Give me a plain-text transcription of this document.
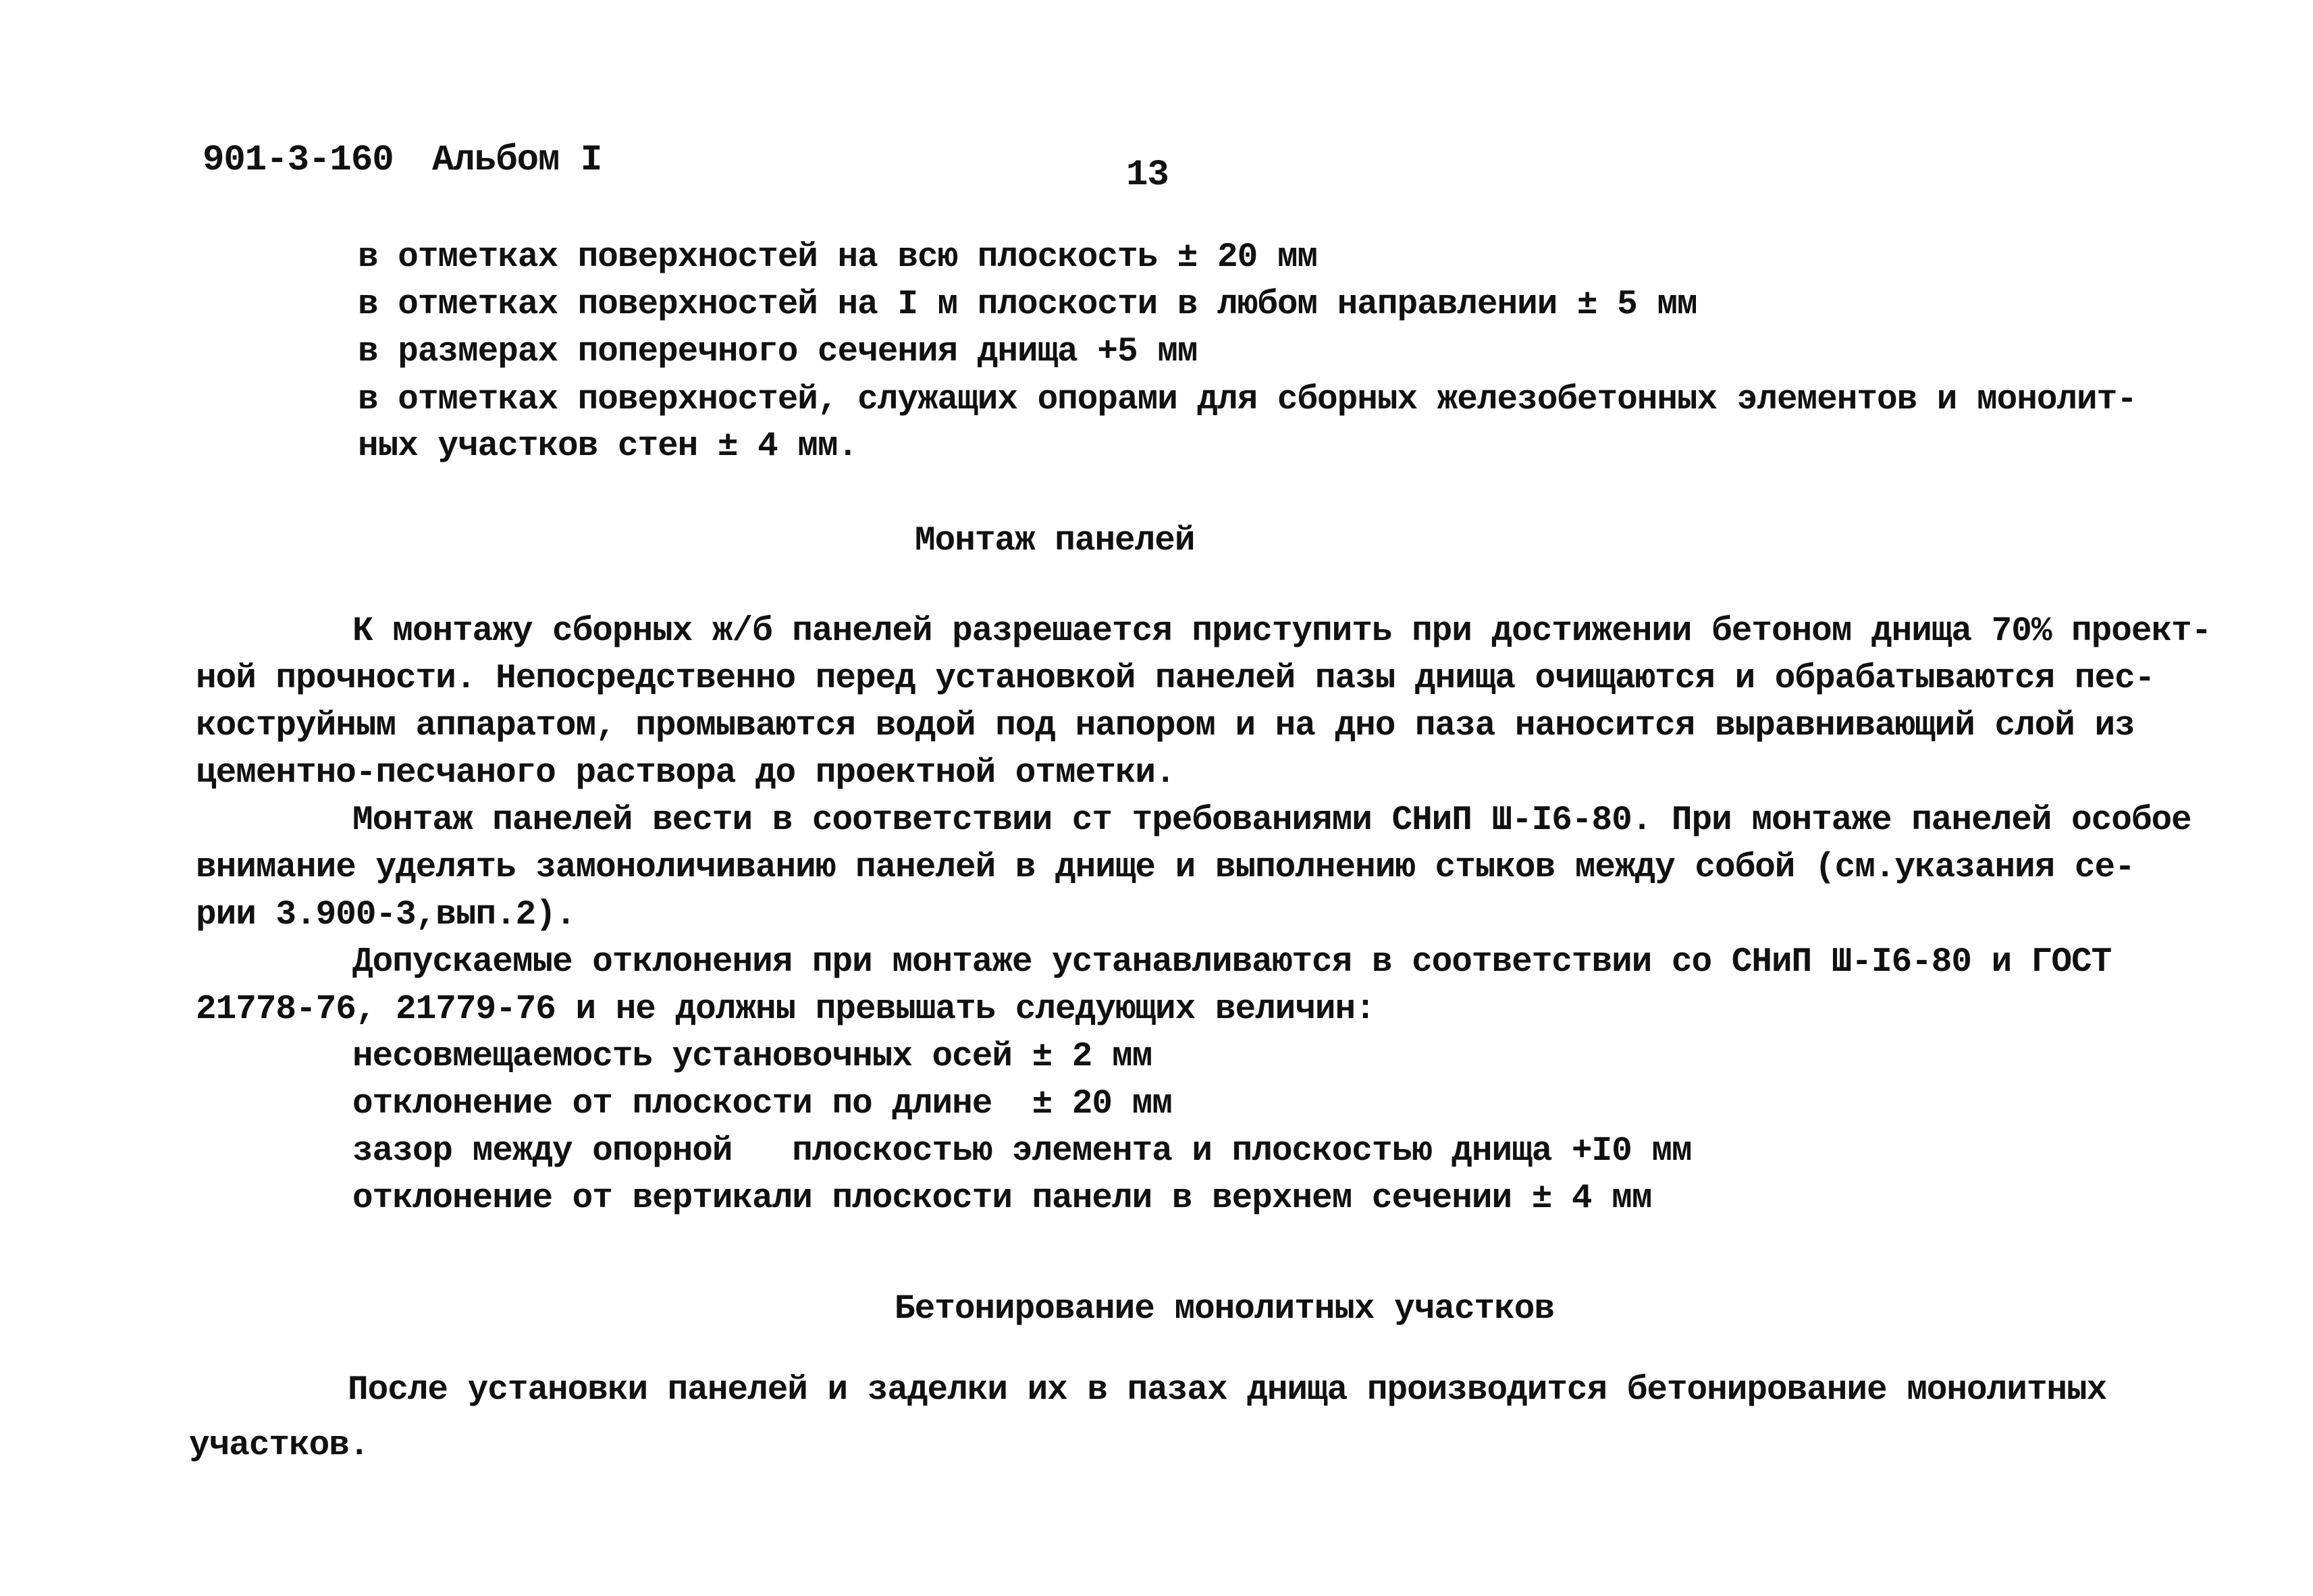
901-3-160 Альбом I	13
в отметках поверхностей на всю плоскость ± 20 мм
в отметках поверхностей на I м плоскости в любом направлении ± 5 мм
в размерах поперечного сечения днища +5 мм
в отметках поверхностей, служащих опорами для сборных железобетонных элементов и монолит-
ных участков стен ± 4 мм.
Монтаж панелей
К монтажу сборных ж/б панелей разрешается приступить при достижении бетоном днища 70% проект-
ной прочности. Непосредственно перед установкой панелей пазы днища очищаются и обрабатываются пес-
коструйным аппаратом, промываются водой под напором и на дно паза наносится выравнивающий слой из
цементно-песчаного раствора до проектной отметки.
Монтаж панелей вести в соответствии ст требованиями СНиП Ш-I6-80. При монтаже панелей особое
внимание уделять замоноличиванию панелей в днище и выполнению стыков между собой (см.указания се-
рии 3.900-3,вып.2).
Допускаемые отклонения при монтаже устанавливаются в соответствии со СНиП Ш-I6-80 и ГОСТ
21778-76, 21779-76 и не должны превышать следующих величин:
несовмещаемость установочных осей ± 2 мм
отклонение от плоскости по длине  ± 20 мм
зазор между опорной   плоскостью элемента и плоскостью днища +I0 мм
отклонение от вертикали плоскости панели в верхнем сечении ± 4 мм
Бетонирование монолитных участков
После установки панелей и заделки их в пазах днища производится бетонирование монолитных
участков.
